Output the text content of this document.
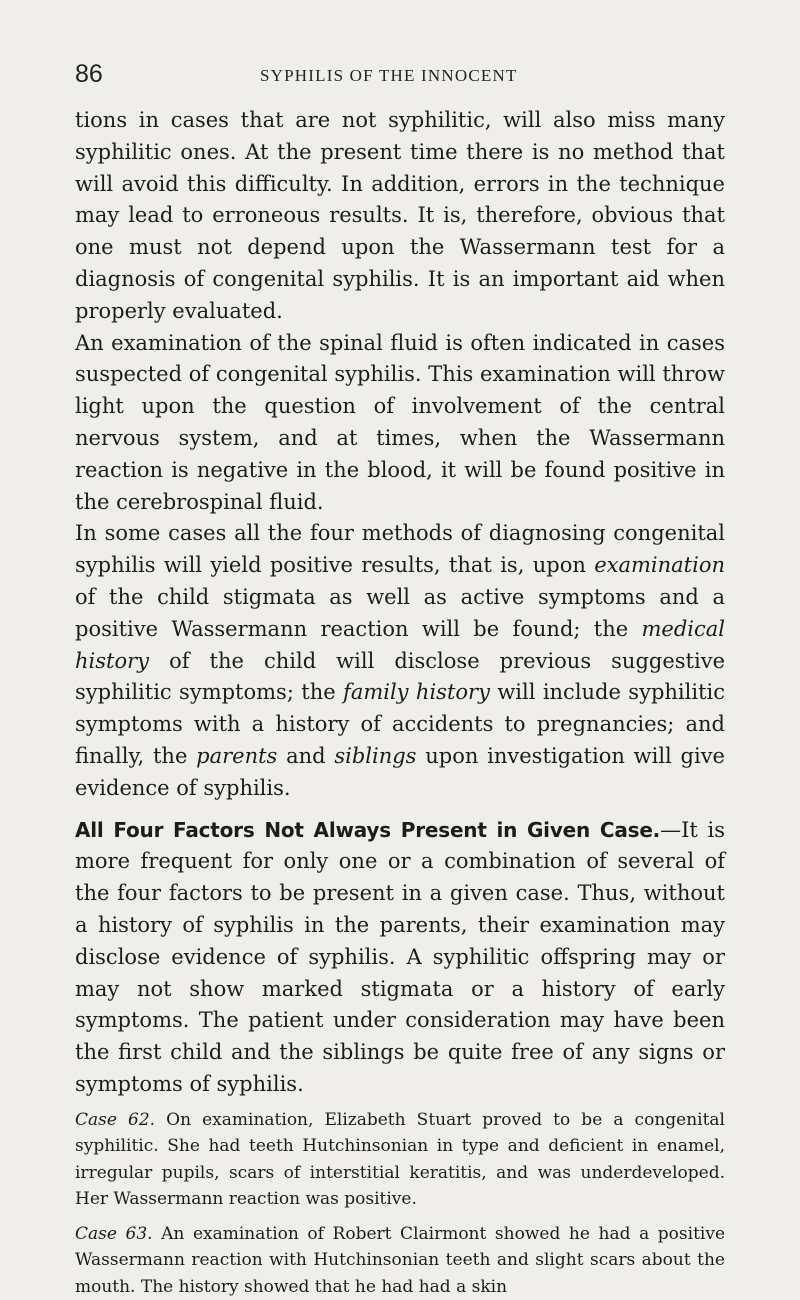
86	SYPHILIS OF THE INNOCENT

tions in cases that are not syphilitic, will also miss many syphilitic ones. At the present time there is no method that will avoid this difficulty. In addition, errors in the technique may lead to erroneous results. It is, therefore, obvious that one must not depend upon the Wassermann test for a diagnosis of congenital syphilis. It is an important aid when properly evaluated.

An examination of the spinal fluid is often indicated in cases suspected of congenital syphilis. This examination will throw light upon the question of involvement of the central nervous system, and at times, when the Wassermann reaction is negative in the blood, it will be found positive in the cerebrospinal fluid.

In some cases all the four methods of diagnosing congenital syphilis will yield positive results, that is, upon examination of the child stigmata as well as active symptoms and a positive Wassermann reaction will be found; the medical history of the child will disclose previous suggestive syphilitic symptoms; the family history will include syphilitic symptoms with a history of accidents to pregnancies; and finally, the parents and siblings upon investigation will give evidence of syphilis.

All Four Factors Not Always Present in Given Case.—It is more frequent for only one or a combination of several of the four factors to be present in a given case. Thus, without a history of syphilis in the parents, their examination may disclose evidence of syphilis. A syphilitic offspring may or may not show marked stigmata or a history of early symptoms. The patient under consideration may have been the first child and the siblings be quite free of any signs or symptoms of syphilis.

Case 62. On examination, Elizabeth Stuart proved to be a congenital syphilitic. She had teeth Hutchinsonian in type and deficient in enamel, irregular pupils, scars of interstitial keratitis, and was underdeveloped. Her Wassermann reaction was positive.

Case 63. An examination of Robert Clairmont showed he had a positive Wassermann reaction with Hutchinsonian teeth and slight scars about the mouth. The history showed that he had had a skin
